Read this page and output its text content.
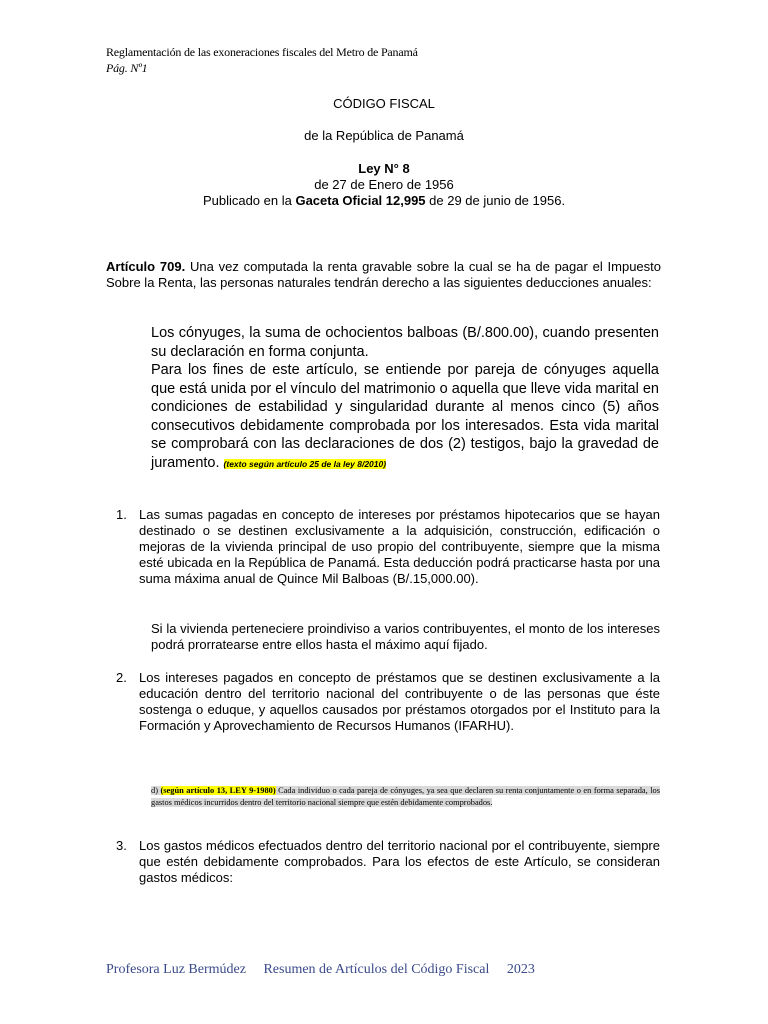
Reglamentación de las exoneraciones fiscales del Metro de Panamá
Pág. Nº1
CÓDIGO FISCAL
de la República de Panamá
Ley N° 8
de 27 de Enero de 1956
Publicado en la Gaceta Oficial 12,995 de 29 de junio de 1956.
Artículo 709. Una vez computada la renta gravable sobre la cual se ha de pagar el Impuesto Sobre la Renta, las personas naturales tendrán derecho a las siguientes deducciones anuales:
Los cónyuges, la suma de ochocientos balboas (B/.800.00), cuando presenten su declaración en forma conjunta.
Para los fines de este artículo, se entiende por pareja de cónyuges aquella que está unida por el vínculo del matrimonio o aquella que lleve vida marital en condiciones de estabilidad y singularidad durante al menos cinco (5) años consecutivos debidamente comprobada por los interesados. Esta vida marital se comprobará con las declaraciones de dos (2) testigos, bajo la gravedad de juramento. (texto según artículo 25 de la ley 8/2010)
1. Las sumas pagadas en concepto de intereses por préstamos hipotecarios que se hayan destinado o se destinen exclusivamente a la adquisición, construcción, edificación o mejoras de la vivienda principal de uso propio del contribuyente, siempre que la misma esté ubicada en la República de Panamá. Esta deducción podrá practicarse hasta por una suma máxima anual de Quince Mil Balboas (B/.15,000.00).
Si la vivienda perteneciere proindiviso a varios contribuyentes, el monto de los intereses podrá prorratearse entre ellos hasta el máximo aquí fijado.
2. Los intereses pagados en concepto de préstamos que se destinen exclusivamente a la educación dentro del territorio nacional del contribuyente o de las personas que éste sostenga o eduque, y aquellos causados por préstamos otorgados por el Instituto para la Formación y Aprovechamiento de Recursos Humanos (IFARHU).
d) (según artículo 13, LEY 9-1980) Cada individuo o cada pareja de cónyuges, ya sea que declaren su renta conjuntamente o en forma separada, los gastos médicos incurridos dentro del territorio nacional siempre que estén debidamente comprobados.
3. Los gastos médicos efectuados dentro del territorio nacional por el contribuyente, siempre que estén debidamente comprobados. Para los efectos de este Artículo, se consideran gastos médicos:
Profesora Luz Bermúdez Resumen de Artículos del Código Fiscal 2023
